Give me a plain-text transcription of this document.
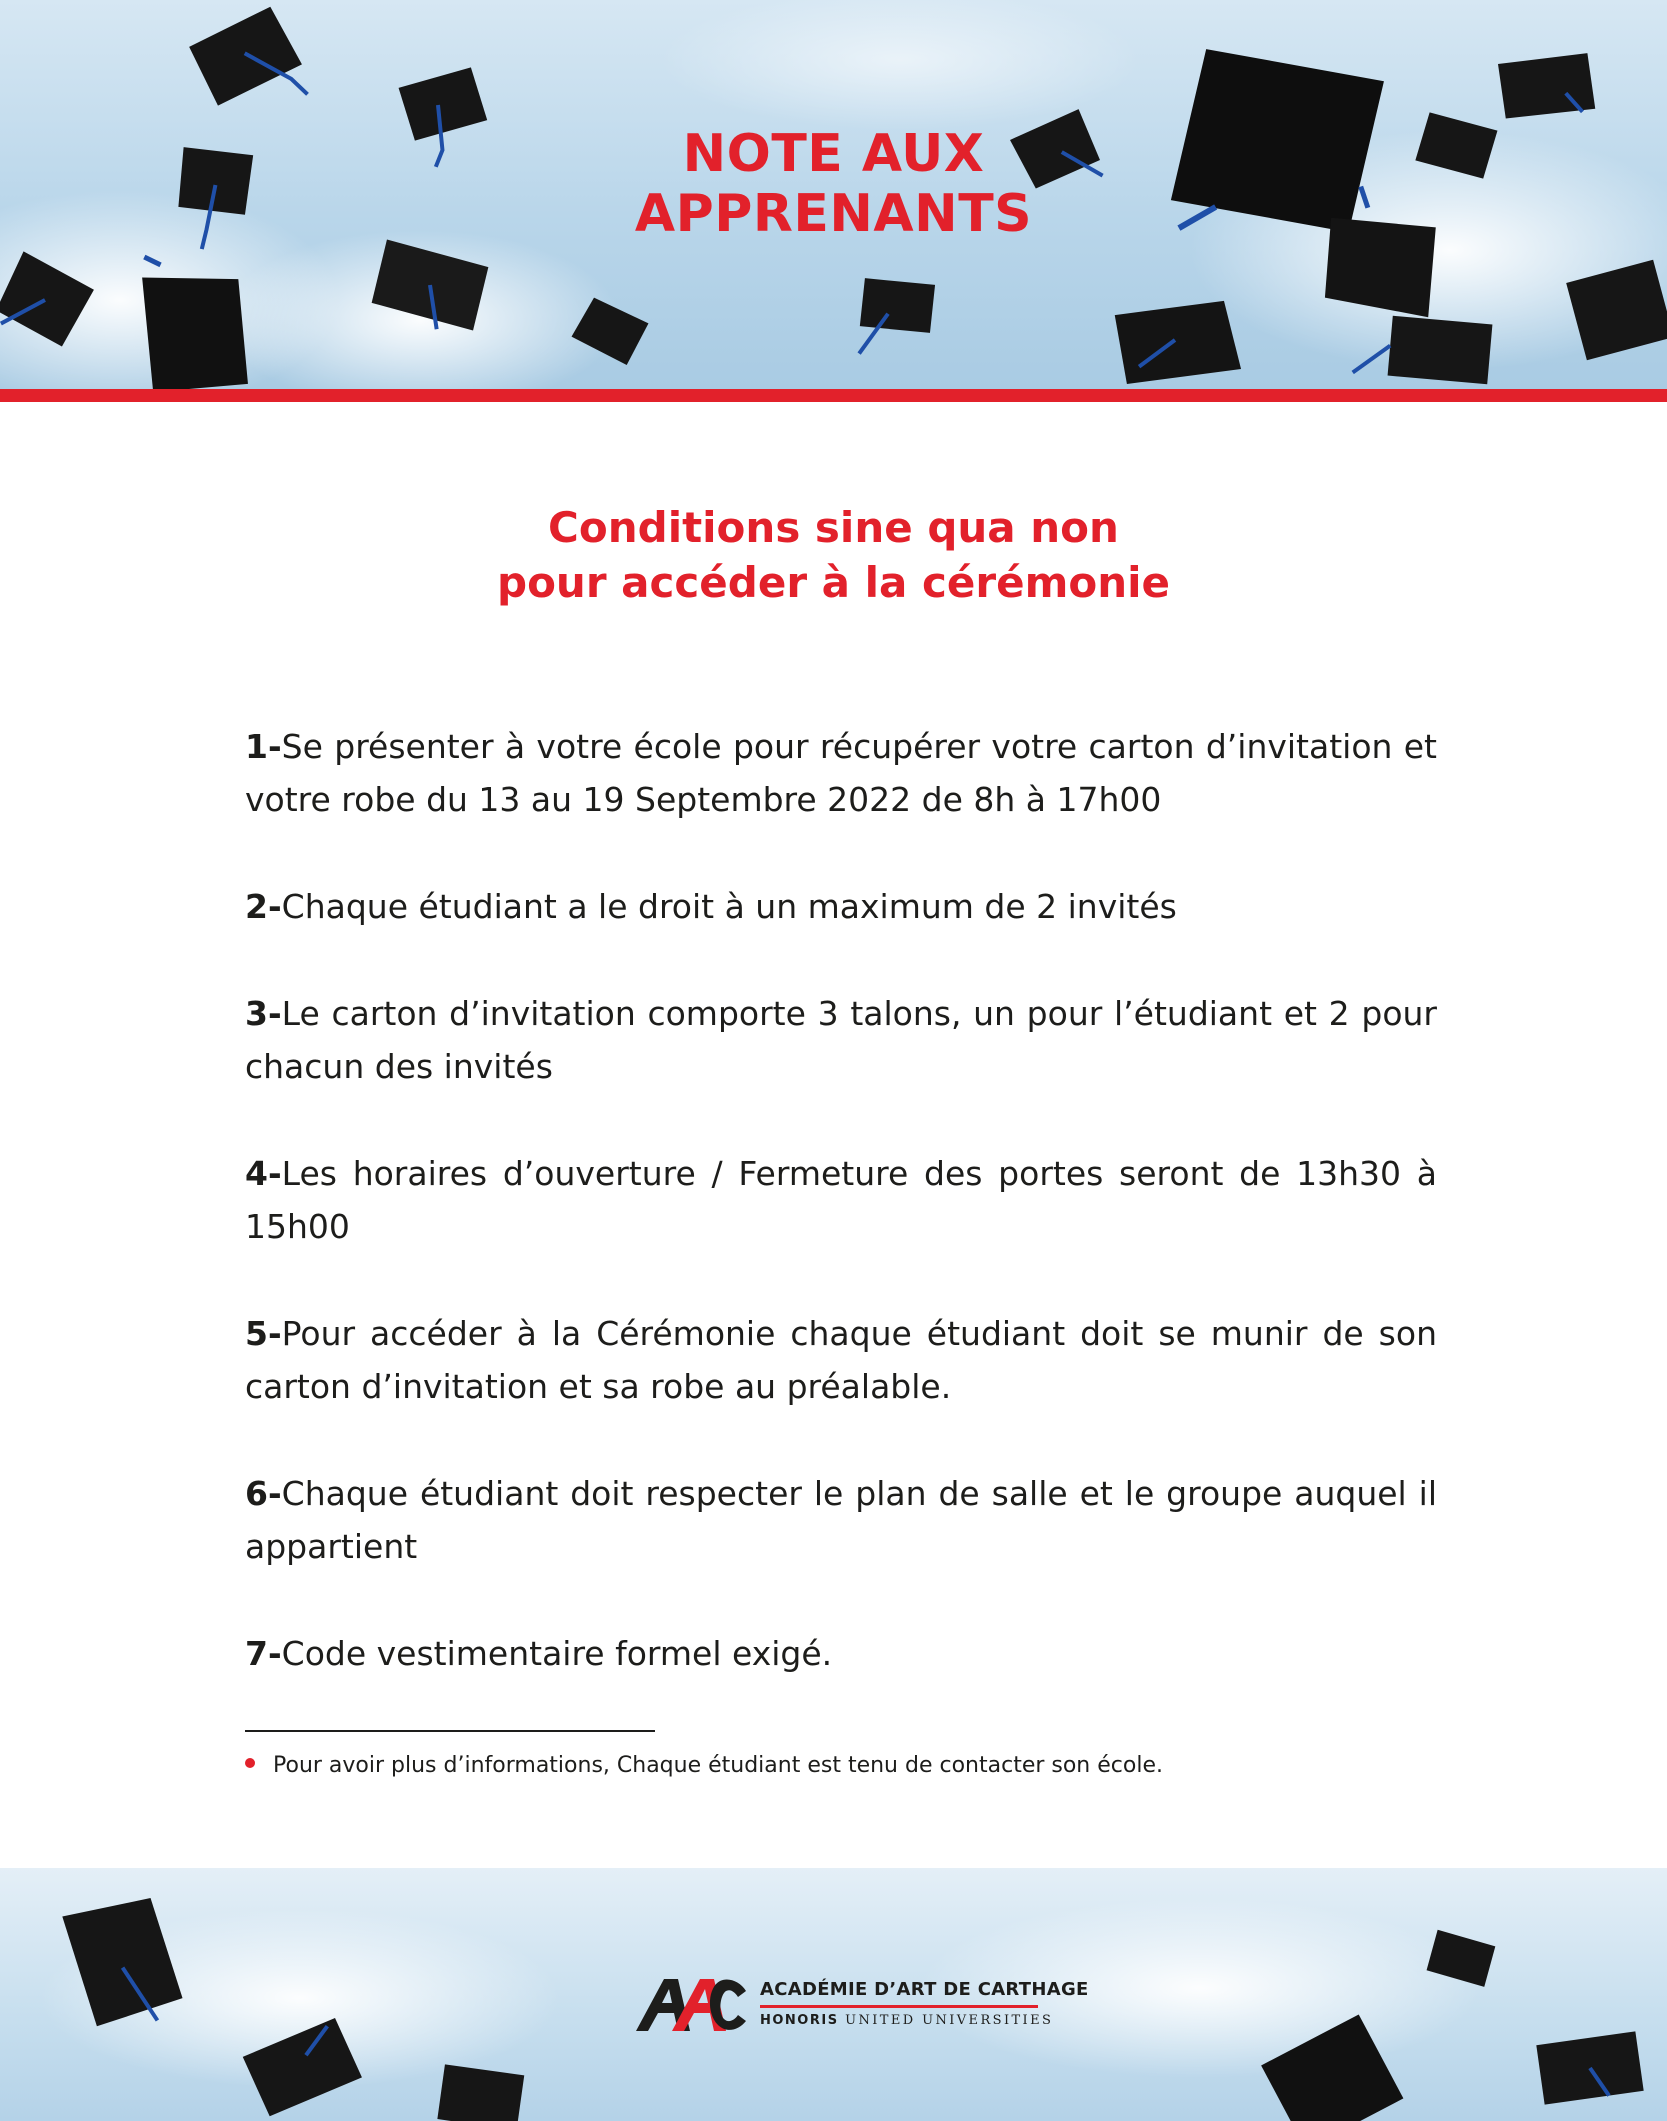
NOTE AUX
APPRENANTS
Conditions sine qua non
pour accéder à la cérémonie
1-Se présenter à votre école pour récupérer votre carton d’invitation et votre robe du 13 au 19 Septembre 2022 de 8h à 17h00
2-Chaque étudiant a le droit à un maximum de 2 invités
3-Le carton d’invitation comporte 3 talons, un pour l’étudiant et 2 pour chacun des invités
4-Les horaires d’ouverture / Fermeture des portes seront de 13h30 à 15h00
5-Pour accéder à la Cérémonie chaque étudiant doit se munir de son carton d’invitation et sa robe au préalable.
6-Chaque étudiant doit respecter le plan de salle et le groupe auquel il appartient
7-Code vestimentaire formel exigé.
Pour avoir plus d’informations, Chaque étudiant est tenu de contacter son école.
ACADÉMIE D’ART DE CARTHAGE
HONORIS UNITED UNIVERSITIES
